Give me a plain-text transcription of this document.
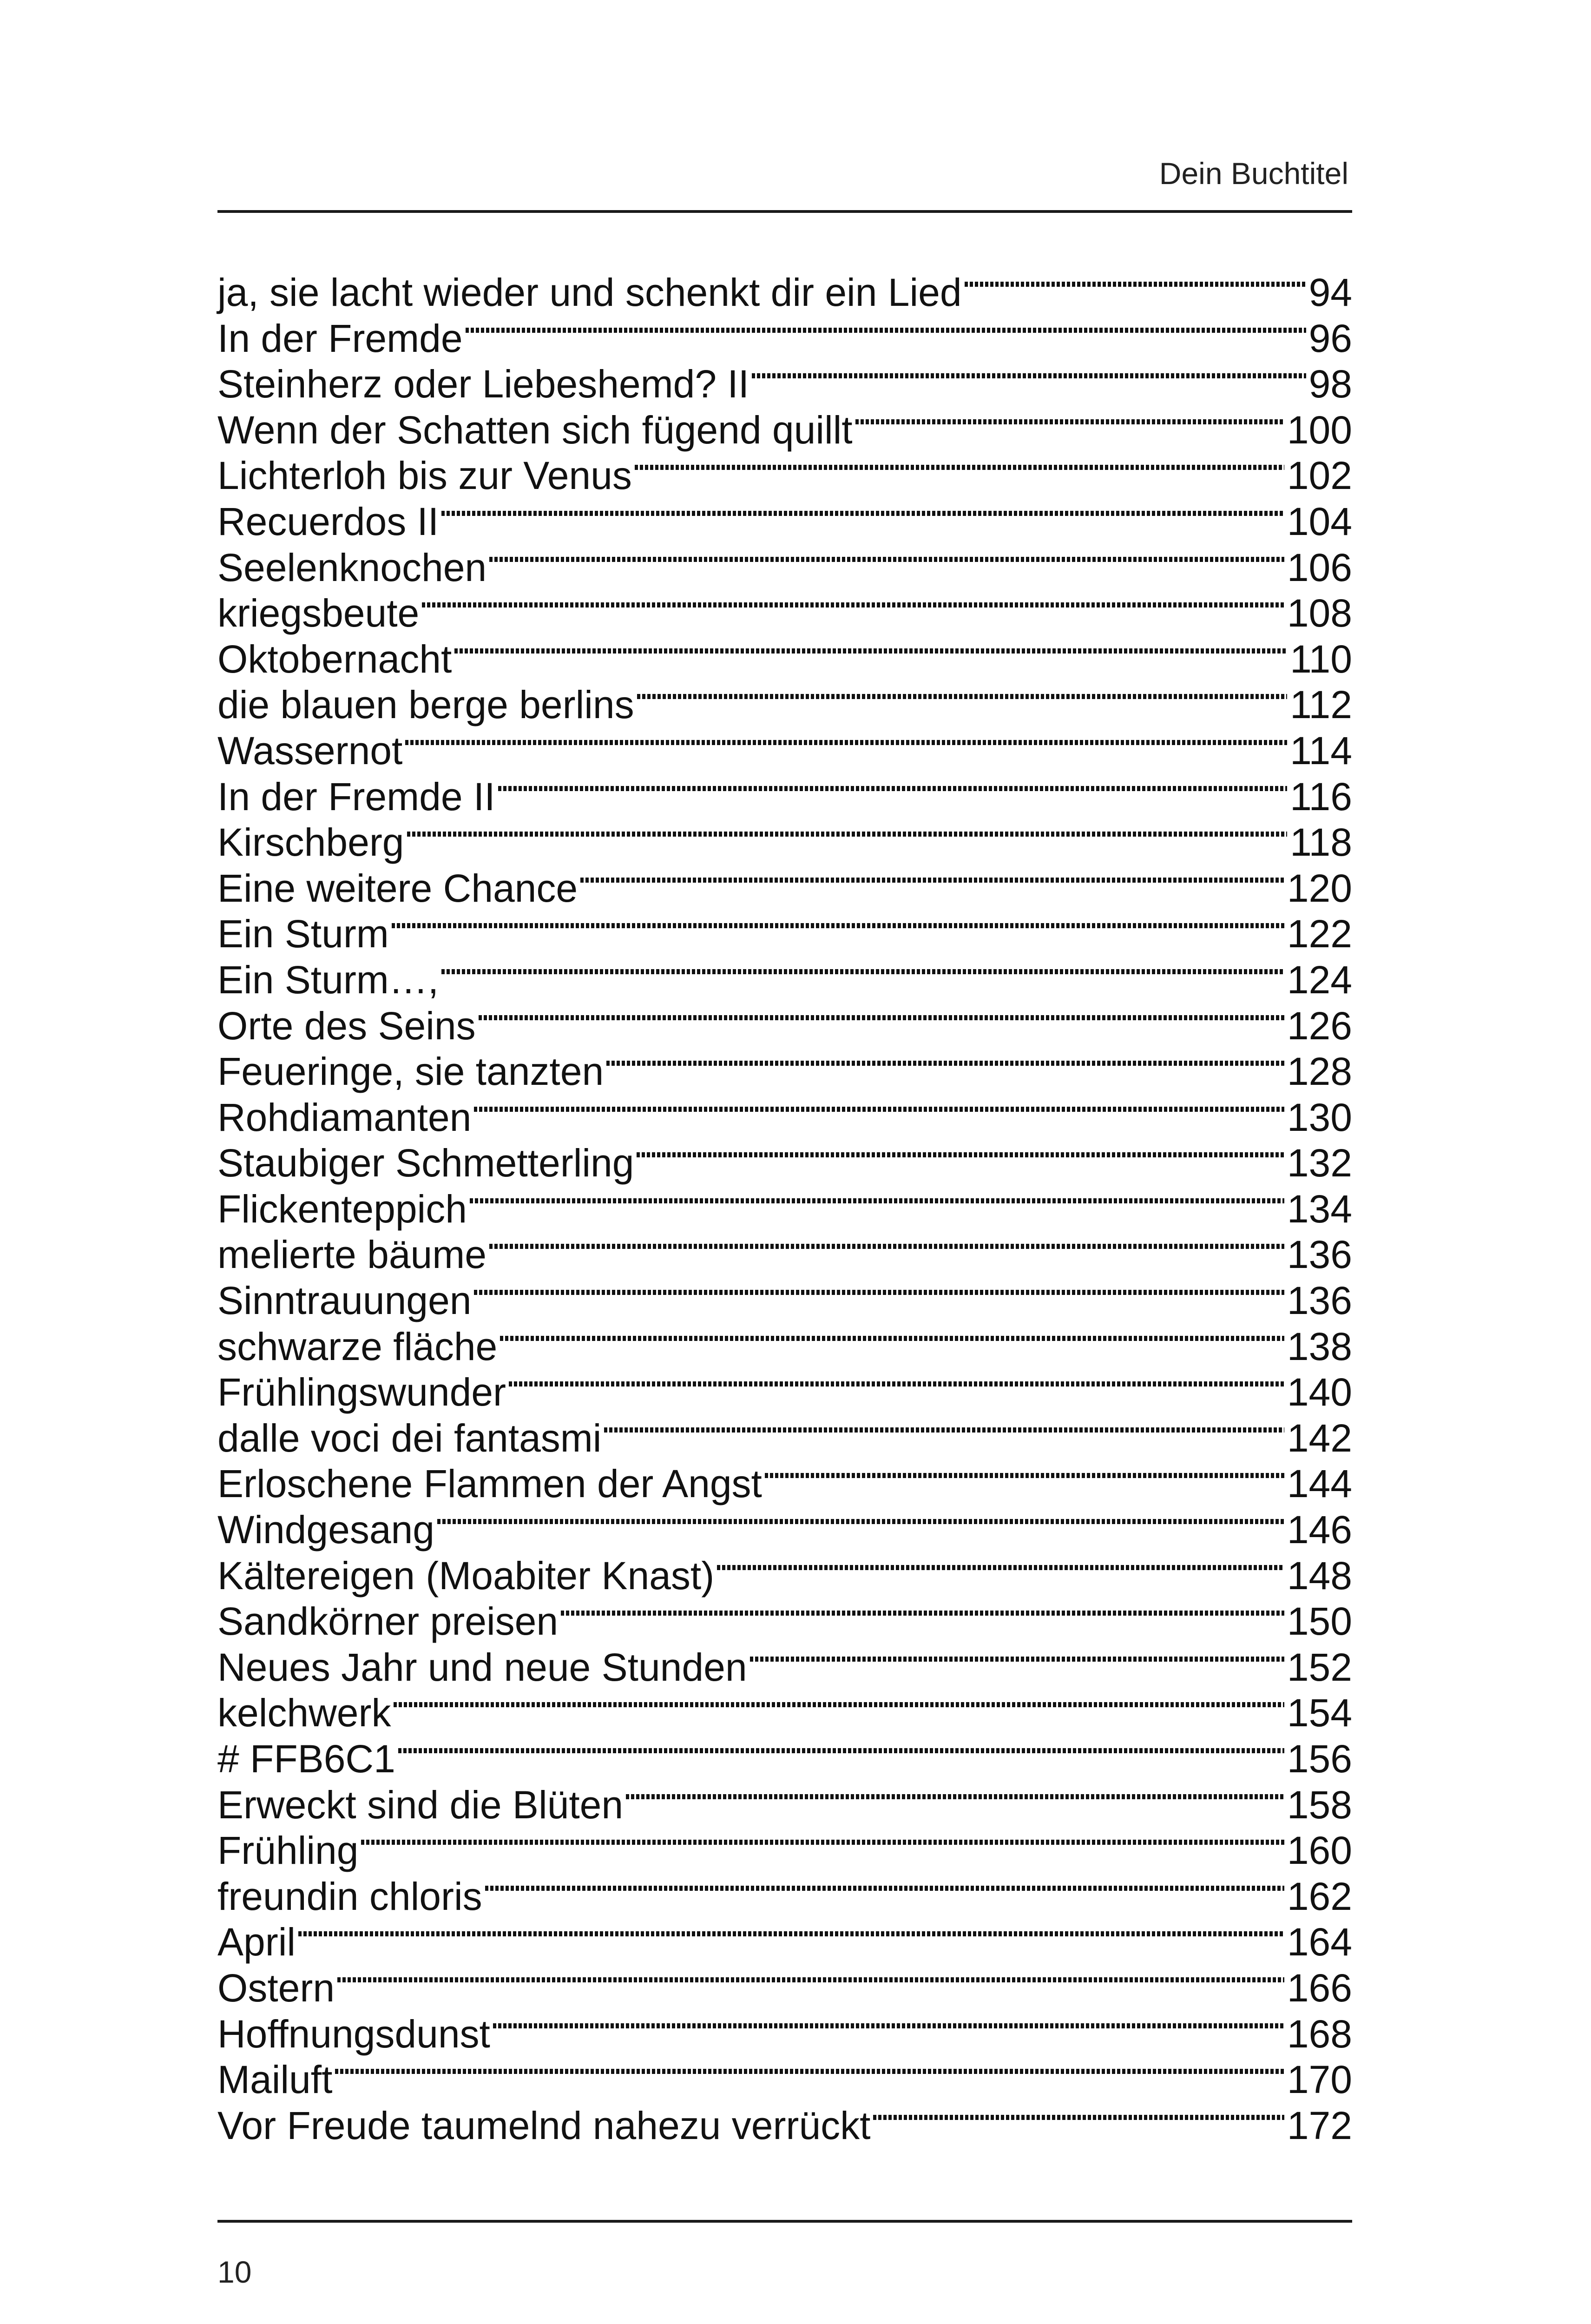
Dein Buchtitel
ja, sie lacht wieder und schenkt dir ein Lied	94
In der Fremde	96
Steinherz oder Liebeshemd? II	98
Wenn der Schatten sich fügend quillt	100
Lichterloh bis zur Venus	102
Recuerdos II	104
Seelenknochen	106
kriegsbeute	108
Oktobernacht	110
die blauen berge berlins	112
Wassernot	114
In der Fremde II	116
Kirschberg	118
Eine weitere Chance	120
Ein Sturm	122
Ein Sturm…,	124
Orte des Seins	126
Feueringe, sie tanzten	128
Rohdiamanten	130
Staubiger Schmetterling	132
Flickenteppich	134
melierte bäume	136
Sinntrauungen	136
schwarze fläche	138
Frühlingswunder	140
dalle voci dei fantasmi	142
Erloschene Flammen der Angst	144
Windgesang	146
Kältereigen (Moabiter Knast)	148
Sandkörner preisen	150
Neues Jahr und neue Stunden	152
kelchwerk	154
# FFB6C1	156
Erweckt sind die Blüten	158
Frühling	160
freundin chloris	162
April	164
Ostern	166
Hoffnungsdunst	168
Mailuft	170
Vor Freude taumelnd nahezu verrückt	172
10
